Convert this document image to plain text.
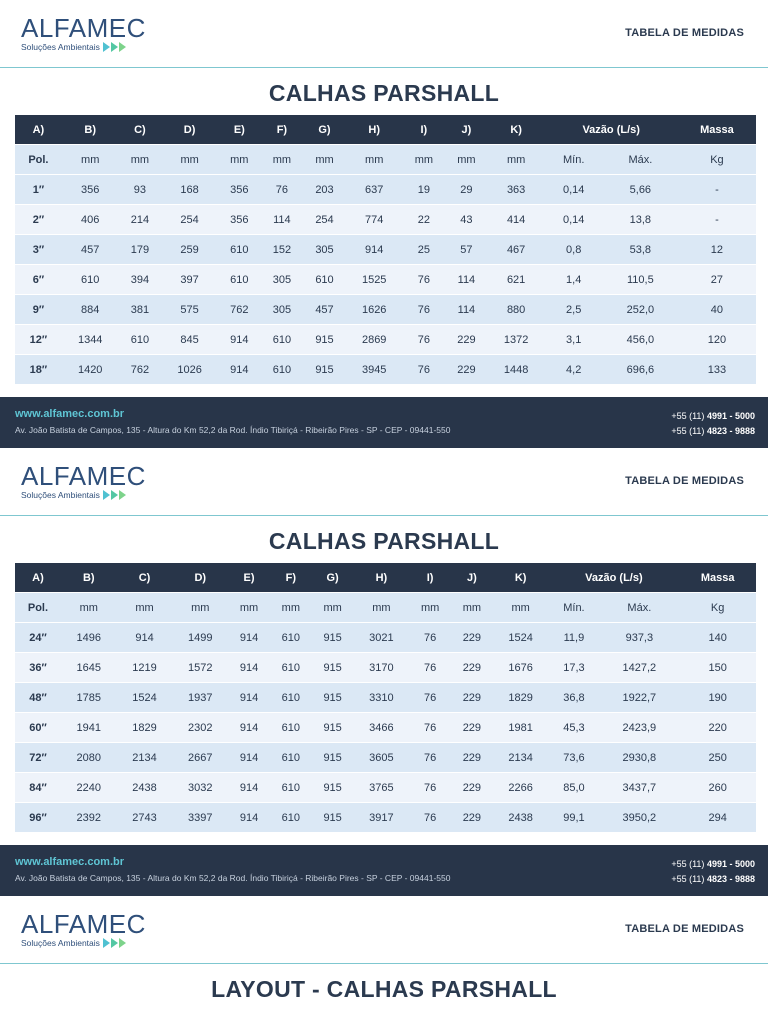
ALFAMEC
Soluções Ambientais
TABELA DE MEDIDAS
CALHAS PARSHALL
A)	B)	C)	D)	E)	F)	G)	H)	I)	J)	K)	Vazão (L/s)		Massa
Pol.	mm	mm	mm	mm	mm	mm	mm	mm	mm	mm	Mín.	Máx.	Kg
1″	356	93	168	356	76	203	637	19	29	363	0,14	5,66	-
2″	406	214	254	356	114	254	774	22	43	414	0,14	13,8	-
3″	457	179	259	610	152	305	914	25	57	467	0,8	53,8	12
6″	610	394	397	610	305	610	1525	76	114	621	1,4	110,5	27
9″	884	381	575	762	305	457	1626	76	114	880	2,5	252,0	40
12″	1344	610	845	914	610	915	2869	76	229	1372	3,1	456,0	120
18″	1420	762	1026	914	610	915	3945	76	229	1448	4,2	696,6	133
www.alfamec.com.br
Av. João Batista de Campos, 135 - Altura do Km 52,2 da Rod. Índio Tibiriçá - Ribeirão Pires - SP - CEP - 09441-550
+55 (11) 4991 - 5000
+55 (11) 4823 - 9888
ALFAMEC
Soluções Ambientais
TABELA DE MEDIDAS
CALHAS PARSHALL
A)	B)	C)	D)	E)	F)	G)	H)	I)	J)	K)	Vazão (L/s)		Massa
Pol.	mm	mm	mm	mm	mm	mm	mm	mm	mm	mm	Mín.	Máx.	Kg
24″	1496	914	1499	914	610	915	3021	76	229	1524	11,9	937,3	140
36″	1645	1219	1572	914	610	915	3170	76	229	1676	17,3	1427,2	150
48″	1785	1524	1937	914	610	915	3310	76	229	1829	36,8	1922,7	190
60″	1941	1829	2302	914	610	915	3466	76	229	1981	45,3	2423,9	220
72″	2080	2134	2667	914	610	915	3605	76	229	2134	73,6	2930,8	250
84″	2240	2438	3032	914	610	915	3765	76	229	2266	85,0	3437,7	260
96″	2392	2743	3397	914	610	915	3917	76	229	2438	99,1	3950,2	294
www.alfamec.com.br
Av. João Batista de Campos, 135 - Altura do Km 52,2 da Rod. Índio Tibiriçá - Ribeirão Pires - SP - CEP - 09441-550
+55 (11) 4991 - 5000
+55 (11) 4823 - 9888
ALFAMEC
Soluções Ambientais
TABELA DE MEDIDAS
LAYOUT - CALHAS PARSHALL
